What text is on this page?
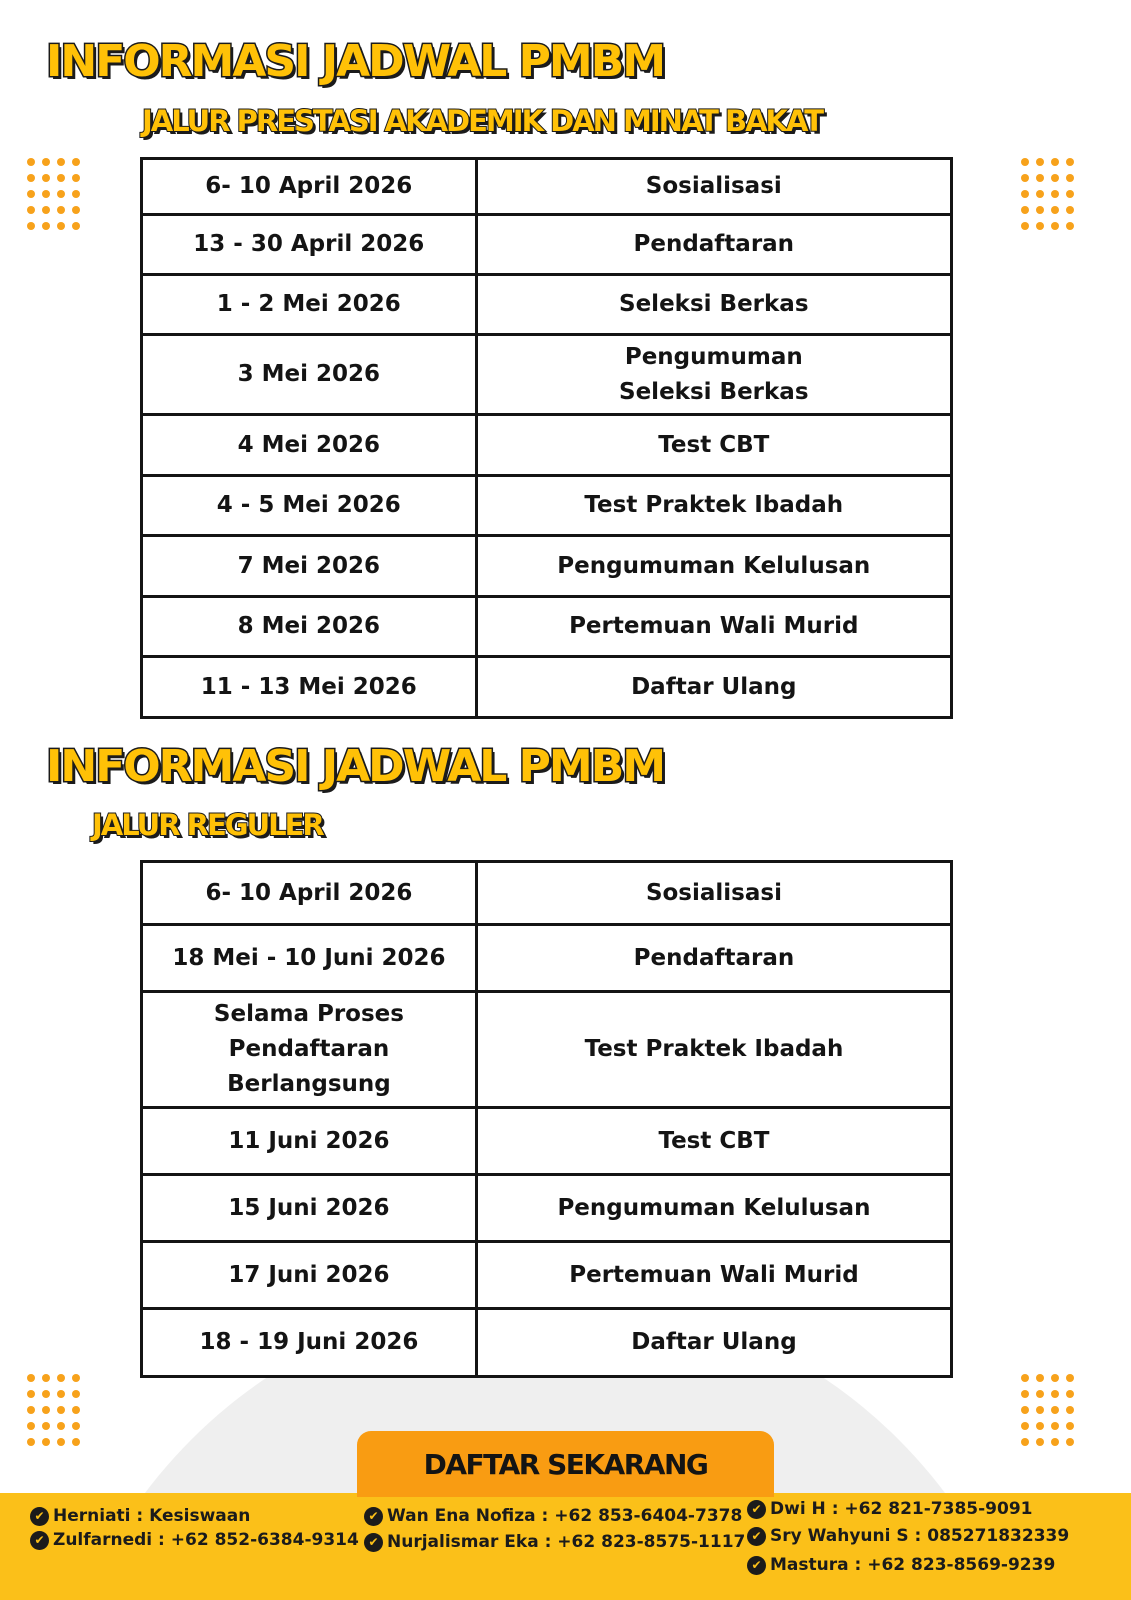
INFORMASI JADWAL PMBM
JALUR PRESTASI AKADEMIK DAN MINAT BAKAT
6- 10 April 2026	Sosialisasi
13 - 30 April 2026	Pendaftaran
1 - 2 Mei 2026	Seleksi Berkas
3 Mei 2026	Pengumuman
Seleksi Berkas
4 Mei 2026	Test CBT
4 - 5 Mei 2026	Test Praktek Ibadah
7 Mei 2026	Pengumuman Kelulusan
8 Mei 2026	Pertemuan Wali Murid
11 - 13 Mei 2026	Daftar Ulang
INFORMASI JADWAL PMBM
JALUR REGULER
6- 10 April 2026	Sosialisasi
18 Mei - 10 Juni 2026	Pendaftaran
Selama Proses
Pendaftaran
Berlangsung	Test Praktek Ibadah
11 Juni 2026	Test CBT
15 Juni 2026	Pengumuman Kelulusan
17 Juni 2026	Pertemuan Wali Murid
18 - 19 Juni 2026	Daftar Ulang
DAFTAR SEKARANG
✔ Herniati : Kesiswaan
✔ Zulfarnedi : +62 852-6384-9314
✔ Wan Ena Nofiza : +62 853-6404-7378
✔ Nurjalismar Eka : +62 823-8575-1117
✔ Dwi H : +62 821-7385-9091
✔ Sry Wahyuni S : 085271832339
✔ Mastura : +62 823-8569-9239
